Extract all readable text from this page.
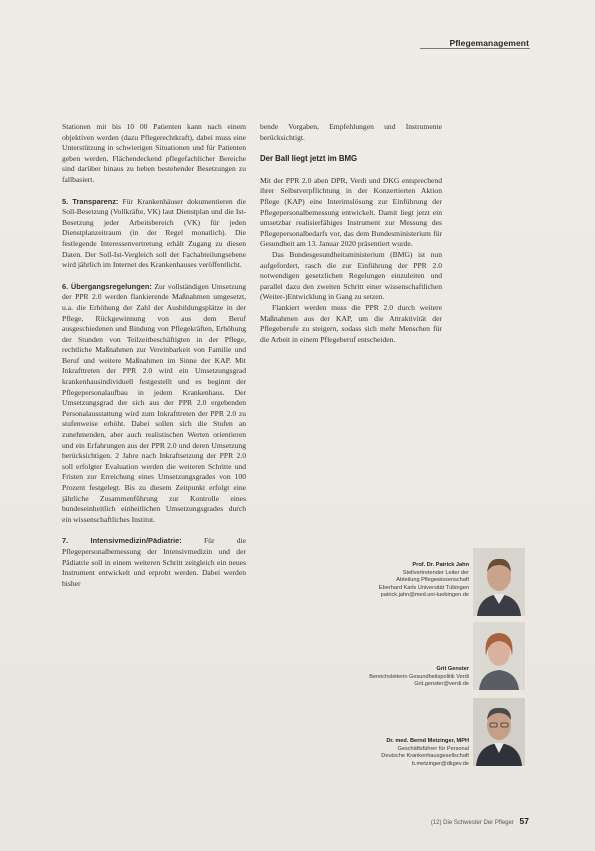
Pflegemanagement

Stationen mit bis 10 00 Patienten kann nach einem objektiven werden (dazu Pflegerechtkraft), dabei muss eine Unterstützung in schwierigen Situationen und für Patienten geben werden. Flächendeckend pflegefachlicher Bereiche sind darüber hinaus zu heben bestehender Besetzungen zu fallbasiert.

5. Transparenz: Für Krankenhäuser dokumentieren die Soll-Besetzung (Vollkräfte, VK) laut Dienstplan und die Ist-Besetzung jeder Arbeitsbereich (VK) für jeden Dienstplanzeitraum (in der Regel monatlich). Die festlegende Interessenvertretung erhält Zugang zu diesen Daten. Der Soll-Ist-Vergleich soll der Fachabteilungsebene wird jährlich im Internet des Krankenhauses veröffentlicht.

6. Übergangsregelungen: Zur vollständigen Umsetzung der PPR 2.0 werden flankierende Maßnahmen umgesetzt, u.a. die Erhöhung der Zahl der Ausbildungsplätze in der Pflege, Rückgewinnung von aus dem Beruf ausgeschiedenen und Bindung von Pflegekräften, Erhöhung der Stunden von Teilzeitbeschäftigten in der Pflege, rechtliche Maßnahmen zur Vereinbarkeit von Familie und Beruf und weitere Maßnahmen im Sinne der KAP. Mit Inkrafttreten der PPR 2.0 wird ein Umsetzungsgrad krankenhausindividuell festgestellt und es beginnt der Pflegepersonalaufbau in jedem Krankenhaus. Der Umsetzungsgrad der sich aus der PPR 2.0 ergebenden Personalausstattung wird zum Inkrafttreten der PPR 2.0 zu stufenweise erhöht. Dabei sollen sich die Stufen an zunehmenden, aber auch realistischen Werten orientieren und ein Erfahrungen aus der PPR 2.0 und deren Umsetzung berücksichtigen. 2 Jahre nach Inkraftsetzung der PPR 2.0 soll erfolgter Evaluation werden die weiteren Schritte und Fristen zur Erreichung eines Umsetzungsgrades von 100 Prozent festgelegt. Bis zu diesem Zeitpunkt erfolgt eine jährliche Zusammenführung zur Kontrolle eines bundeseinheitlich einheitlichen Umsetzungsgrades durch ein wissenschaftliches Institut.

7. Intensivmedizin/Pädiatrie:	Für die Pflegepersonalbemessung der Intensivmedizin und der Pädiatrie soll in einem weiteren Schritt zeitgleich ein neues Instrument entwickelt und erprobt werden. Dabei werden bisher

bende Vorgaben, Empfehlungen und Instrumente berücksichtigt.

Der Ball liegt jetzt im BMG

Mit der PPR 2.0 aben DPR, Verdi und DKG entsprechend ihrer Selbstverpflichtung in der Konzertierten Aktion Pflege (KAP) eine Interimslösung zur Einführung der Pflegepersonalbemessung entwickelt. Damit liegt jetzt ein umsetzbar realisierfähiges Instrument zur Messung des Pflegepersonalbedarfs vor, das dem Bundesministerium für Gesundheit am 13. Januar 2020 präsentiert wurde.

Das Bundesgesundheitsministerium (BMG) ist nun aufgefordert, rasch die zur Einführung der PPR 2.0 notwendigen gesetzlichen Regelungen einzuleiten und parallel dazu den zweiten Schritt einer wissenschaftlichen (Weiter-)Entwicklung in Gang zu setzen.

Flankiert werden muss die PPR 2.0 durch weitere Maßnahmen aus der KAP, um die Attraktivität der Pflegeberufe zu steigern, sodass sich mehr Menschen für die Arbeit in einem Pflegeberuf entscheiden.

Prof. Dr. Patrick Jahn
Stellvertretender Leiter der
Abteilung Pflegewissenschaft
Eberhard Karls Universität Tübingen
patrick.jahn@med.uni-tuebingen.de
Grit Genster
Bereichsleiterin Gesundheitspolitik Verdi
Grit.genster@verdi.de
Dr. med. Bernd Metzinger, MPH
Geschäftsführer für Personal
Deutsche Krankenhausgesellschaft
b.metzinger@dkgev.de
(12) Die Schwester Der Pfleger 57
